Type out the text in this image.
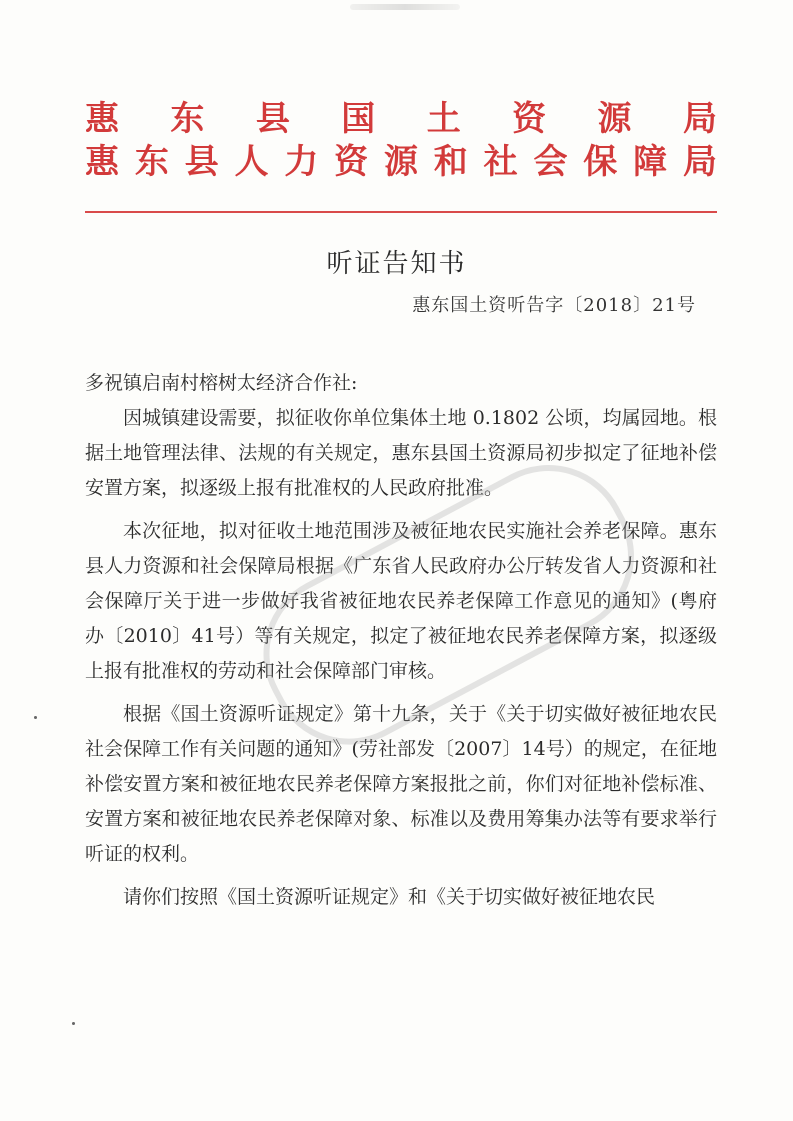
惠 东 县 国 土 资 源 局
惠 东 县 人 力 资 源 和 社 会 保 障 局
听证告知书
惠东国土资听告字〔2018〕21号

多祝镇启南村榕树太经济合作社:

因城镇建设需要，拟征收你单位集体土地 0.1802 公顷，均属园地。根据土地管理法律、法规的有关规定，惠东县国土资源局初步拟定了征地补偿安置方案，拟逐级上报有批准权的人民政府批准。

本次征地，拟对征收土地范围涉及被征地农民实施社会养老保障。惠东县人力资源和社会保障局根据《广东省人民政府办公厅转发省人力资源和社会保障厅关于进一步做好我省被征地农民养老保障工作意见的通知》(粤府办〔2010〕41号）等有关规定，拟定了被征地农民养老保障方案，拟逐级上报有批准权的劳动和社会保障部门审核。

根据《国土资源听证规定》第十九条，关于《关于切实做好被征地农民社会保障工作有关问题的通知》(劳社部发〔2007〕14号）的规定，在征地补偿安置方案和被征地农民养老保障方案报批之前，你们对征地补偿标准、安置方案和被征地农民养老保障对象、标准以及费用筹集办法等有要求举行听证的权利。

请你们按照《国土资源听证规定》和《关于切实做好被征地农民
